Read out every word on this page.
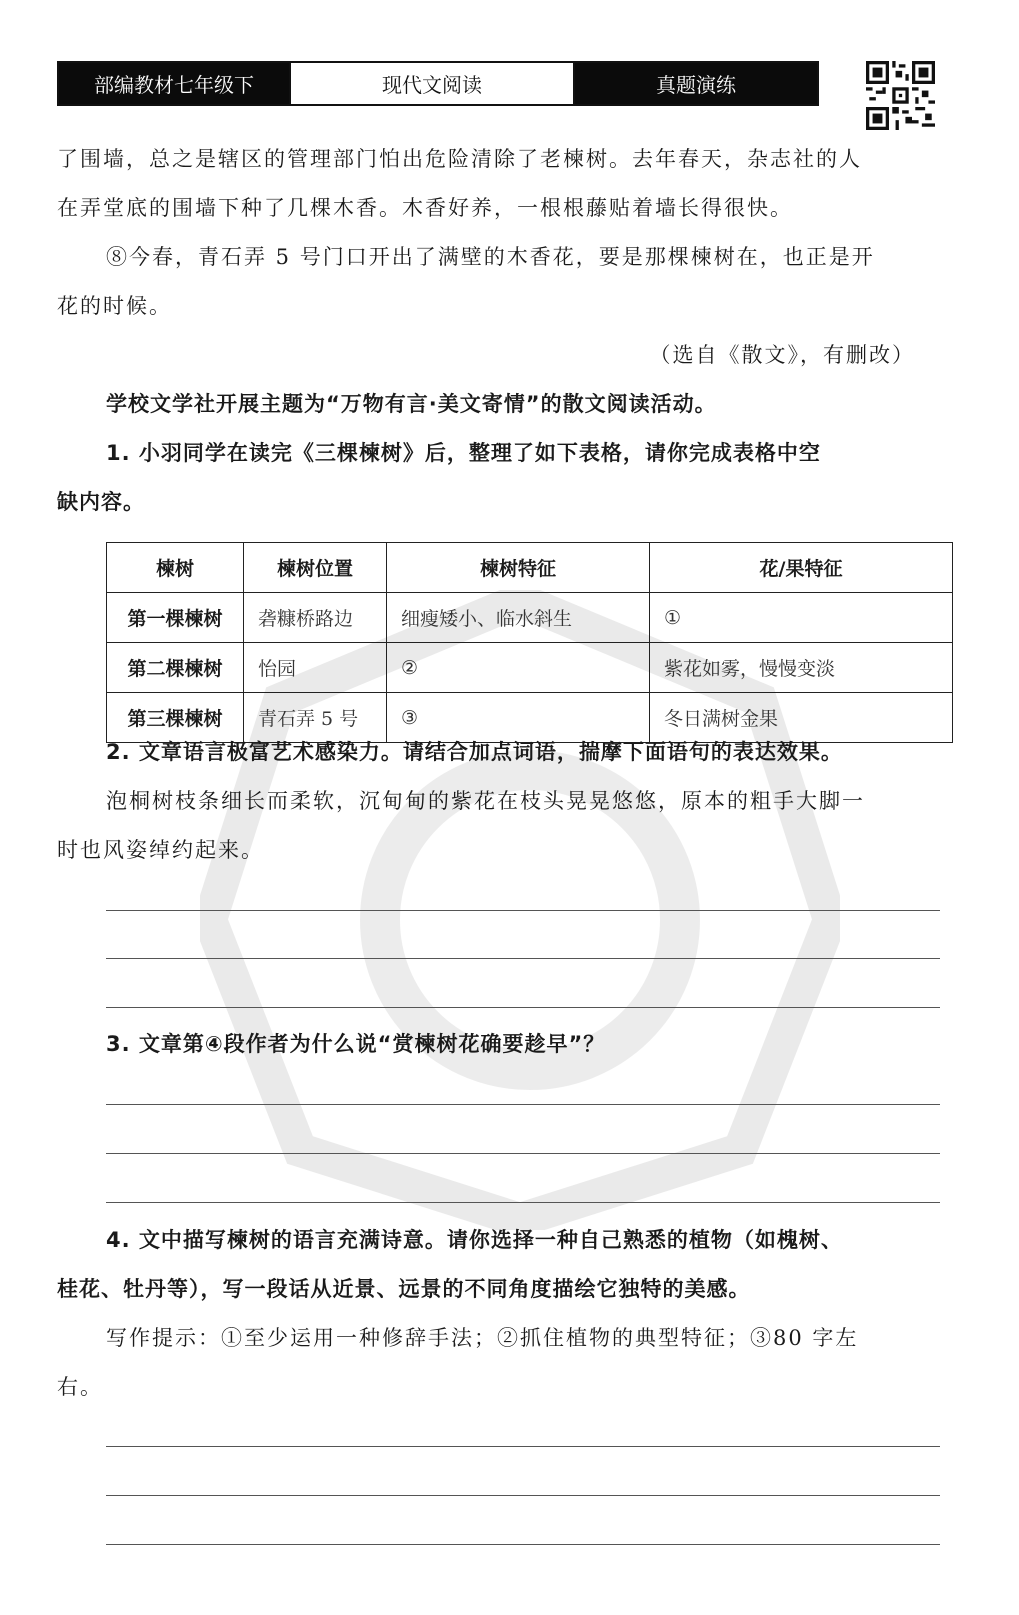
部编教材七年级下	现代文阅读	真题演练
了围墙，总之是辖区的管理部门怕出危险清除了老楝树。去年春天，杂志社的人
在弄堂底的围墙下种了几棵木香。木香好养，一根根藤贴着墙长得很快。
⑧今春，青石弄 5 号门口开出了满壁的木香花，要是那棵楝树在，也正是开
花的时候。
（选自《散文》，有删改）
学校文学社开展主题为“万物有言·美文寄情”的散文阅读活动。
1. 小羽同学在读完《三棵楝树》后，整理了如下表格，请你完成表格中空
缺内容。
楝树	楝树位置	楝树特征	花/果特征
第一棵楝树	砻糠桥路边	细瘦矮小、临水斜生	①
第二棵楝树	怡园	②	紫花如雾，慢慢变淡
第三棵楝树	青石弄 5 号	③	冬日满树金果
2. 文章语言极富艺术感染力。请结合加点词语，揣摩下面语句的表达效果。
泡桐树枝条细长而柔软，沉甸甸的紫花在枝头晃晃悠悠，原本的粗手大脚一
时也风姿绰约起来。
3. 文章第④段作者为什么说“赏楝树花确要趁早”？
4. 文中描写楝树的语言充满诗意。请你选择一种自己熟悉的植物（如槐树、
桂花、牡丹等），写一段话从近景、远景的不同角度描绘它独特的美感。
写作提示：①至少运用一种修辞手法；②抓住植物的典型特征；③80 字左
右。
